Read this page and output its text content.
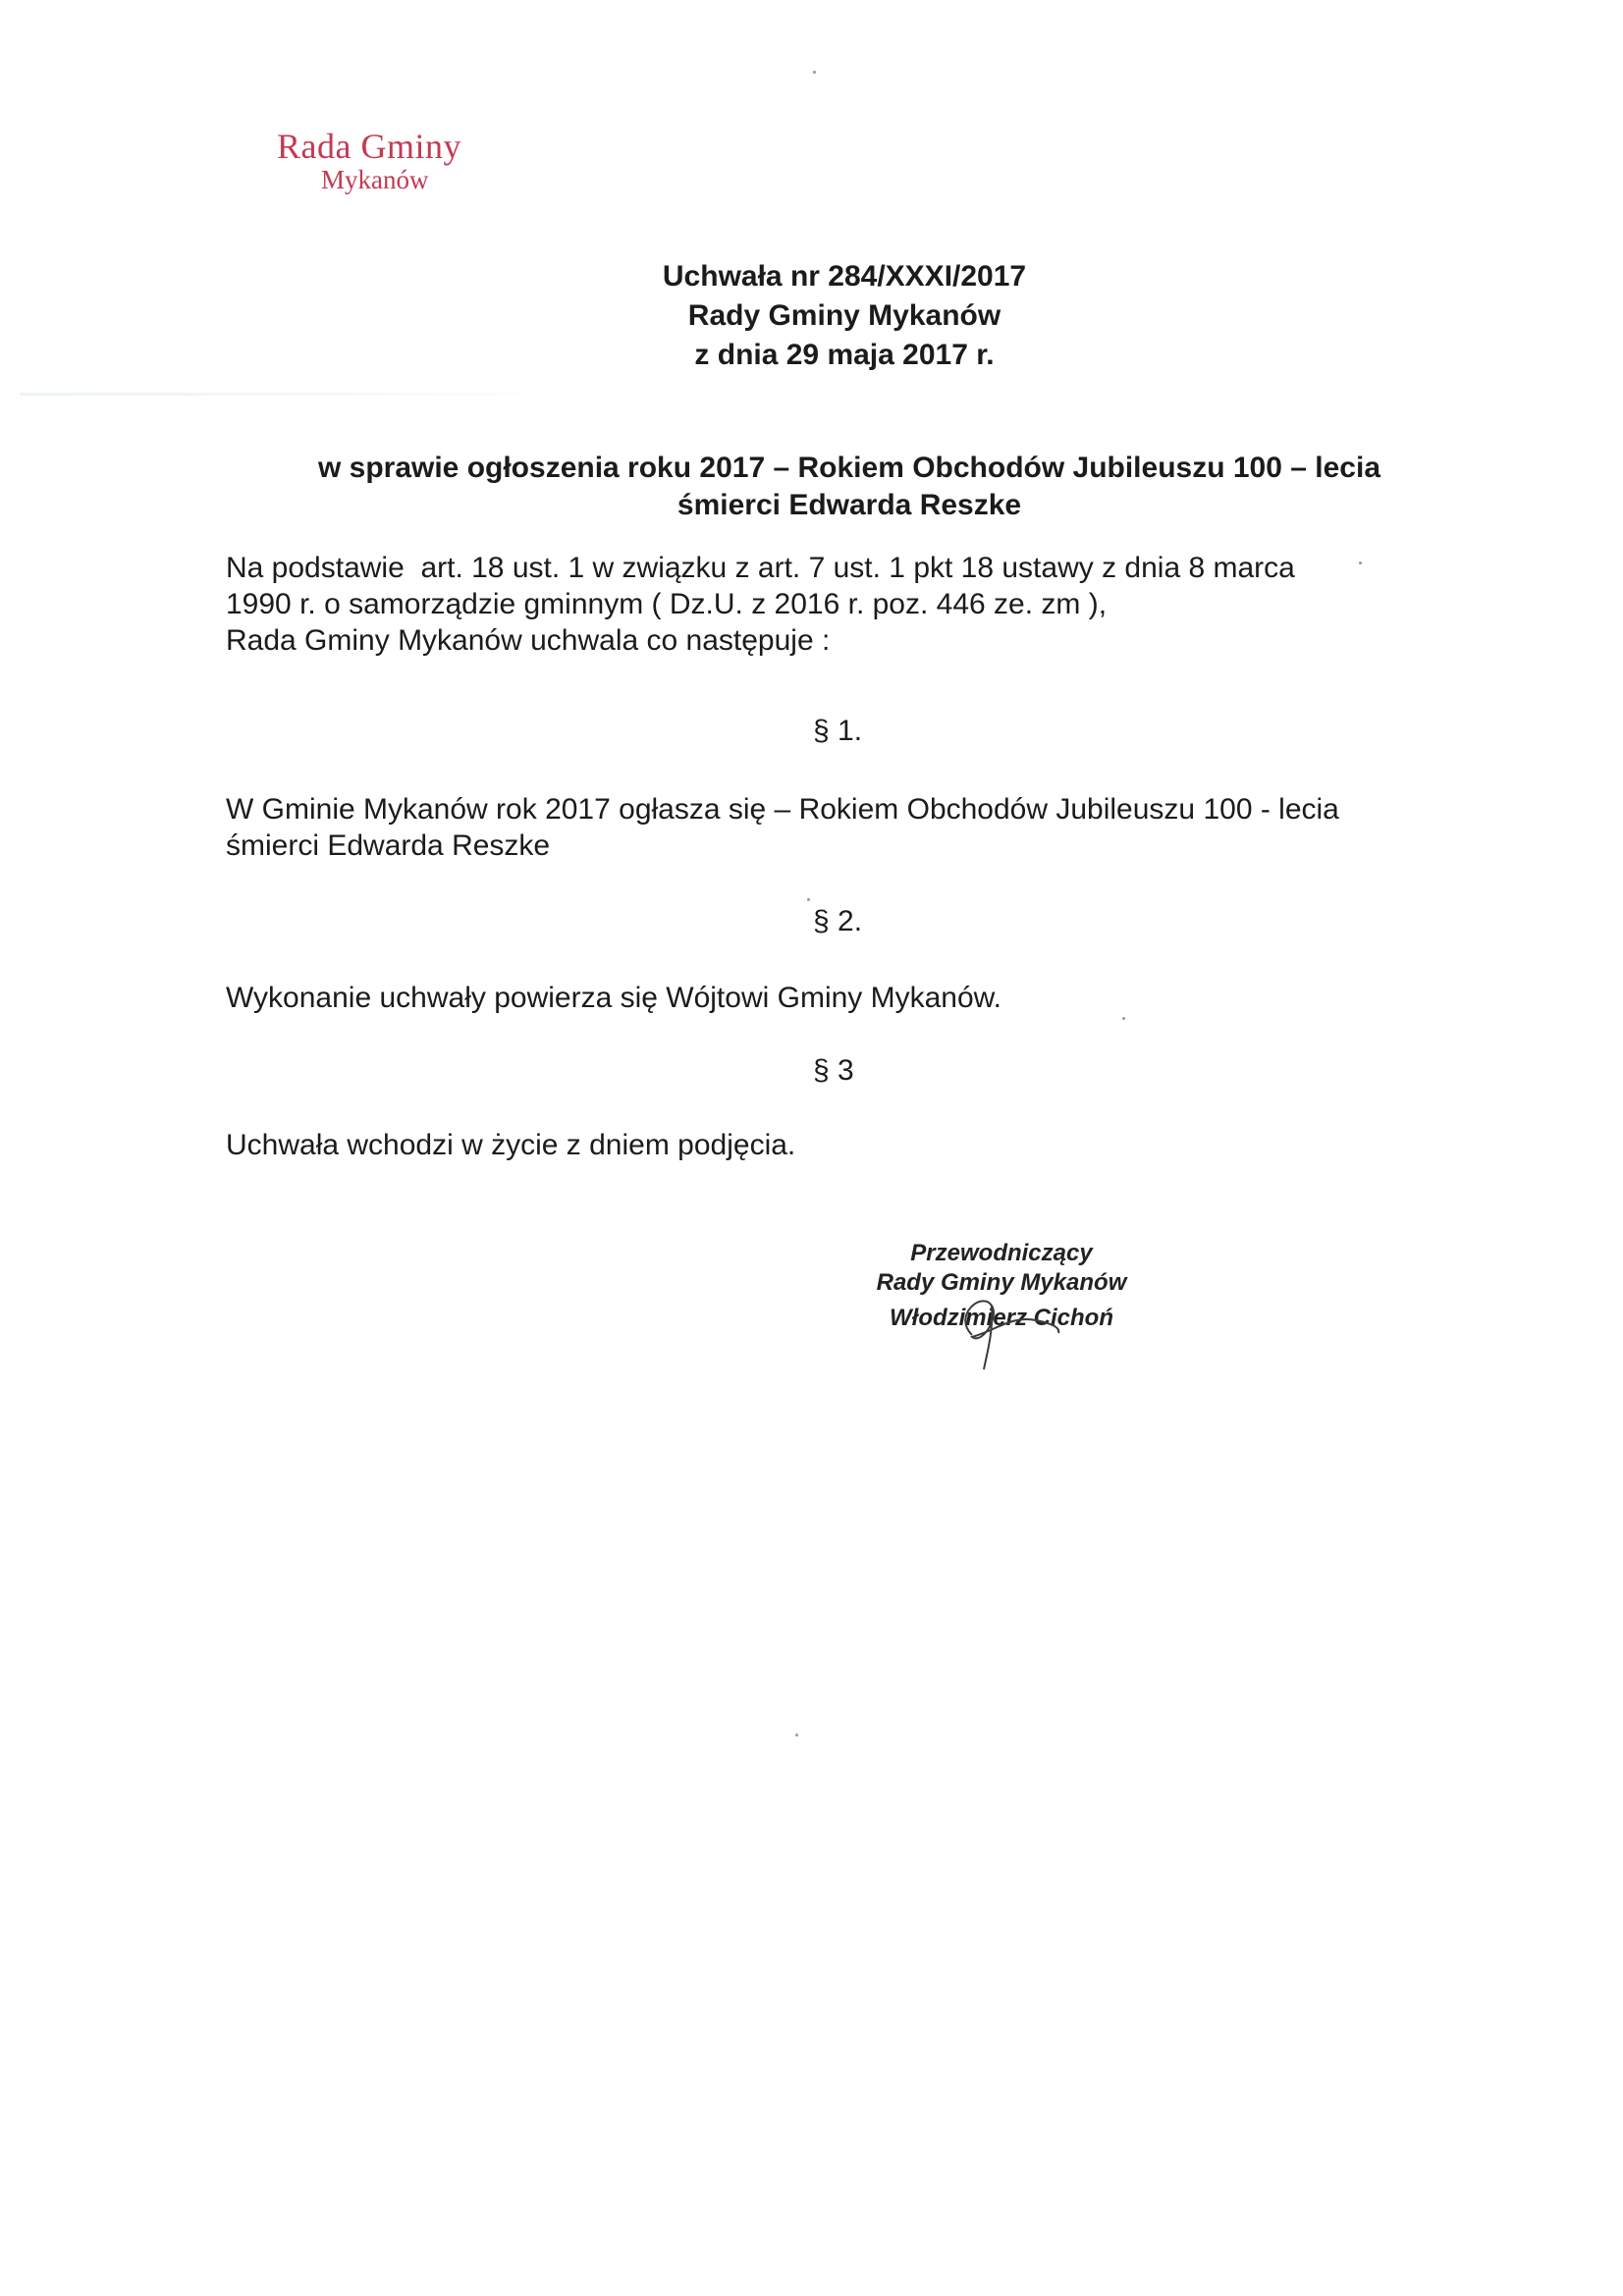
Rada Gminy
Mykanów
Uchwała nr 284/XXXI/2017
Rady Gminy Mykanów
z dnia 29 maja 2017 r.
w sprawie ogłoszenia roku 2017 – Rokiem Obchodów Jubileuszu 100 – lecia
śmierci Edwarda Reszke
Na podstawie  art. 18 ust. 1 w związku z art. 7 ust. 1 pkt 18 ustawy z dnia 8 marca
1990 r. o samorządzie gminnym ( Dz.U. z 2016 r. poz. 446 ze. zm ),
Rada Gminy Mykanów uchwala co następuje :
§ 1.
W Gminie Mykanów rok 2017 ogłasza się – Rokiem Obchodów Jubileuszu 100 - lecia
śmierci Edwarda Reszke
§ 2.
Wykonanie uchwały powierza się Wójtowi Gminy Mykanów.
§ 3
Uchwała wchodzi w życie z dniem podjęcia.
Przewodniczący
Rady Gminy Mykanów
Włodzimierz Cichoń
